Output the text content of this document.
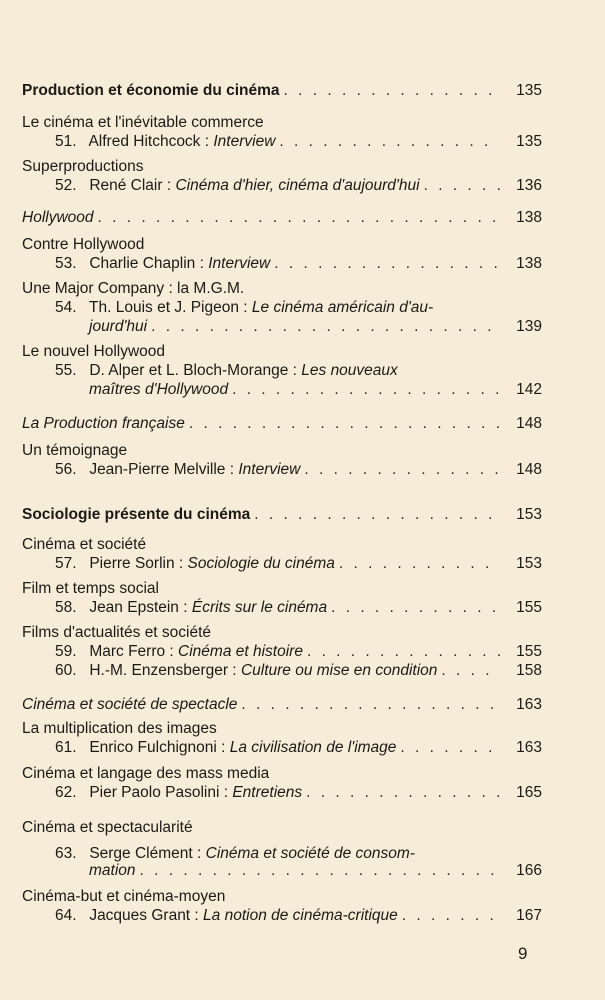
Production et économie du cinéma . . .	135
Le cinéma et l'inévitable commerce
51. Alfred Hitchcock : Interview . . .	135
Superproductions
52. René Clair : Cinéma d'hier, cinéma d'aujourd'hui . . .	136
Hollywood . . .	138
Contre Hollywood
53. Charlie Chaplin : Interview . . .	138
Une Major Company : la M.G.M.
54. Th. Louis et J. Pigeon : Le cinéma américain d'au-
jourd'hui . . .	139
Le nouvel Hollywood
55. D. Alper et L. Bloch-Morange : Les nouveaux
maîtres d'Hollywood . . .	142
La Production française . . .	148
Un témoignage
56. Jean-Pierre Melville : Interview . . .	148
Sociologie présente du cinéma . . .	153
Cinéma et société
57. Pierre Sorlin : Sociologie du cinéma . . .	153
Film et temps social
58. Jean Epstein : Écrits sur le cinéma . . .	155
Films d'actualités et société
59. Marc Ferro : Cinéma et histoire . . .	155
60. H.-M. Enzensberger : Culture ou mise en condition . . .	158
Cinéma et société de spectacle . . .	163
La multiplication des images
61. Enrico Fulchignoni : La civilisation de l'image . . .	163
Cinéma et langage des mass media
62. Pier Paolo Pasolini : Entretiens . . .	165
Cinéma et spectacularité
63. Serge Clément : Cinéma et société de consom-
mation . . .	166
Cinéma-but et cinéma-moyen
64. Jacques Grant : La notion de cinéma-critique . . .	167
9
